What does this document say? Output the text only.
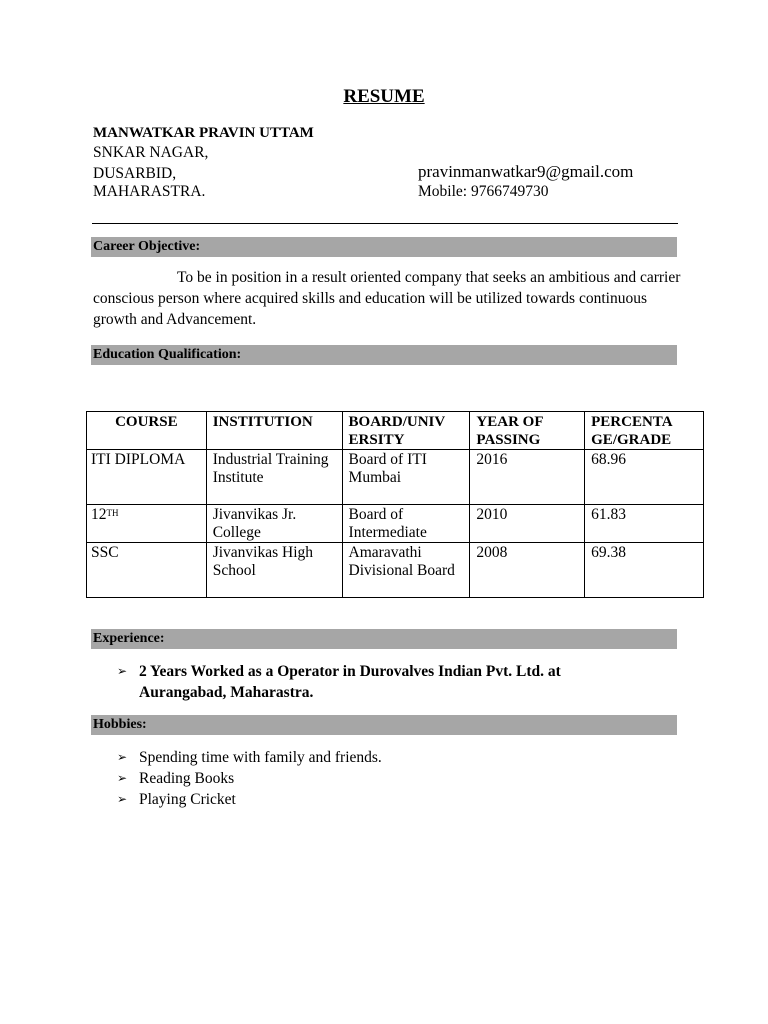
RESUME
MANWATKAR PRAVIN UTTAM
SNKAR NAGAR,
DUSARBID,
MAHARASTRA.
pravinmanwatkar9@gmail.com
Mobile: 9766749730
Career Objective:
To be in position in a result oriented company that seeks an ambitious and carrier conscious person where acquired skills and education will be utilized towards continuous growth and Advancement.
Education Qualification:
COURSE	INSTITUTION	BOARD/UNIV ERSITY	YEAR OF PASSING	PERCENTA GE/GRADE
ITI DIPLOMA	Industrial Training Institute	Board of ITI Mumbai	2016	68.96
12TH	Jivanvikas Jr. College	Board of Intermediate	2010	61.83
SSC	Jivanvikas High School	Amaravathi Divisional Board	2008	69.38
Experience:
➢ 2 Years Worked as a Operator in Durovalves Indian Pvt. Ltd. at Aurangabad, Maharastra.
Hobbies:
➢ Spending time with family and friends.
➢ Reading Books
➢ Playing Cricket
